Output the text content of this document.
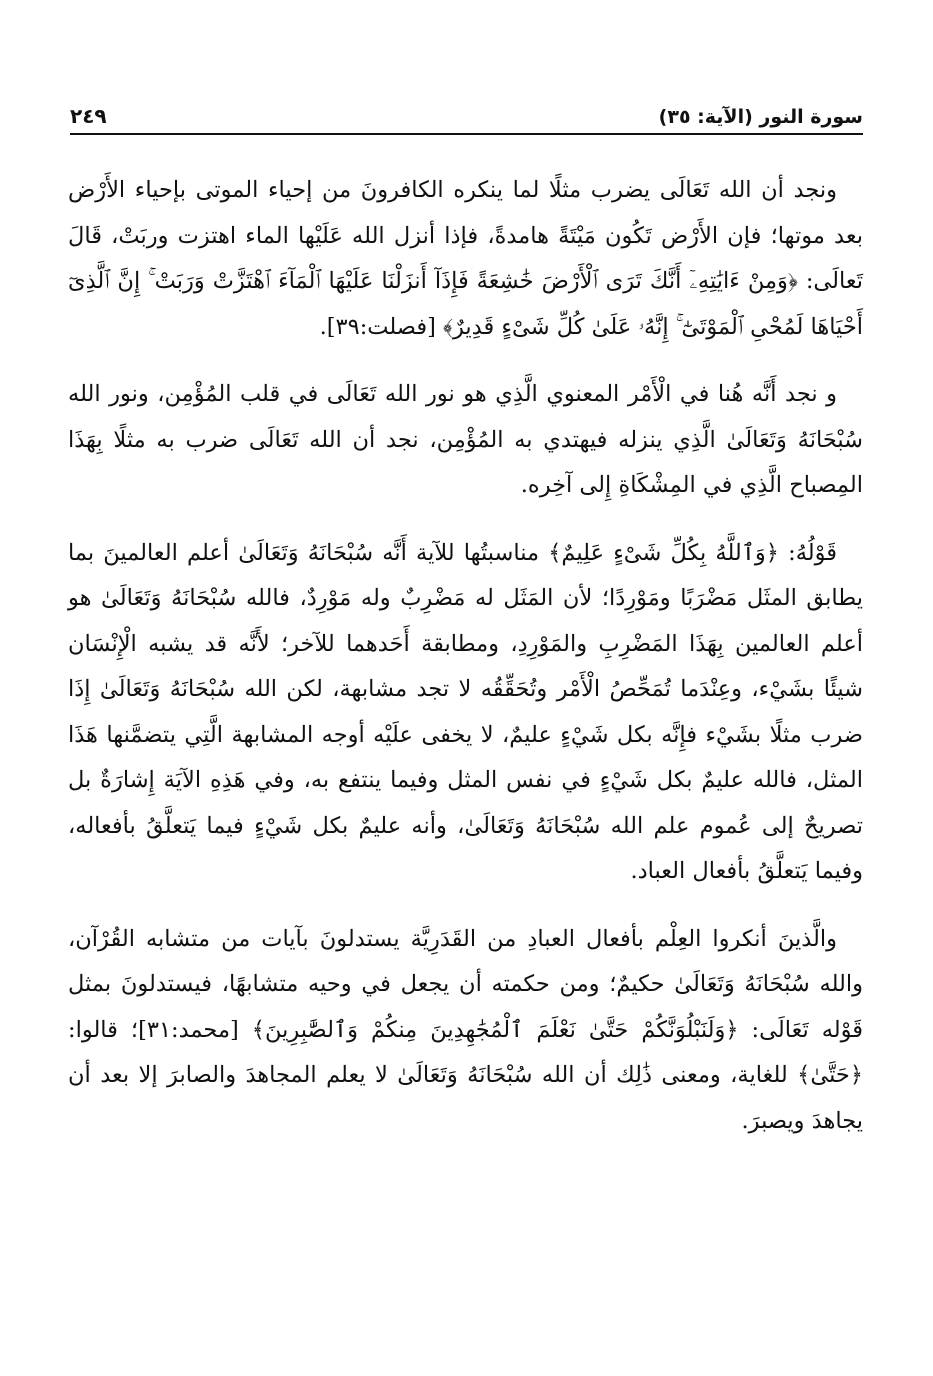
سورة النور (الآية: ٣٥)
٢٤٩

ونجد أن الله تَعَالَى يضرب مثلًا لما ينكره الكافرونَ من إحياء الموتى بإحياء الأَرْض بعد موتها؛ فإن الأَرْض تَكُون مَيْتَةً هامدةً، فإذا أنزل الله عَلَيْها الماء اهتزت وربَتْ، قَالَ تَعالَى: ﴿وَمِنْ ءَايَٰتِهِۦٓ أَنَّكَ تَرَى ٱلْأَرْضَ خَٰشِعَةً فَإِذَآ أَنزَلْنَا عَلَيْهَا ٱلْمَآءَ ٱهْتَزَّتْ وَرَبَتْ ۚ إِنَّ ٱلَّذِىٓ أَحْيَاهَا لَمُحْىِ ٱلْمَوْتَىٰٓ ۚ إِنَّهُۥ عَلَىٰ كُلِّ شَىْءٍ قَدِيرٌ﴾ [فصلت:٣٩].

و نجد أَنَّه هُنا في الْأَمْر المعنوي الَّذِي هو نور الله تَعَالَى في قلب المُؤْمِن، ونور الله سُبْحَانَهُ وَتَعَالَىٰ الَّذِي ينزله فيهتدي به المُؤْمِن، نجد أن الله تَعَالَى ضرب به مثلًا بِهَذَا المِصباح الَّذِي في المِشْكَاةِ إِلى آخِره.

قَوْلُهُ: ﴿وَٱللَّهُ بِكُلِّ شَىْءٍ عَلِيمٌ﴾ مناسبتُها للآية أَنَّه سُبْحَانَهُ وَتَعَالَىٰ أعلم العالمينَ بما يطابق المثَل مَضْرَبًا ومَوْرِدًا؛ لأن المَثَل له مَضْرِبٌ وله مَوْرِدٌ، فالله سُبْحَانَهُ وَتَعَالَىٰ هو أعلم العالمين بِهَذَا المَضْرِبِ والمَوْرِدِ، ومطابقة أَحَدهما للآخر؛ لأَنَّه قد يشبه الْإِنْسَان شيئًا بشَيْء، وعِنْدَما تُمَحِّصُ الْأَمْر وتُحَقِّقُه لا تجد مشابهة، لكن الله سُبْحَانَهُ وَتَعَالَىٰ إِذَا ضرب مثلًا بشَيْء فإِنَّه بكل شَيْءٍ عليمٌ، لا يخفى علَيْه أوجه المشابهة الَّتِي يتضمَّنها هَذَا المثل، فالله عليمٌ بكل شَيْءٍ في نفس المثل وفيما ينتفع به، وفي هَذِهِ الآيَة إِشارَةٌ بل تصريحٌ إلى عُموم علم الله سُبْحَانَهُ وَتَعَالَىٰ، وأنه عليمٌ بكل شَيْءٍ فيما يَتعلَّقُ بأفعاله، وفيما يَتعلَّقُ بأفعال العباد.

والَّذينَ أنكروا العِلْم بأفعال العبادِ من القَدَرِيَّة يستدلونَ بآيات من متشابه القُرْآن، والله سُبْحَانَهُ وَتَعَالَىٰ حكيمٌ؛ ومن حكمته أن يجعل في وحيه متشابهًا، فيستدلونَ بمثل قَوْله تَعَالَى: ﴿وَلَنَبْلُوَنَّكُمْ حَتَّىٰ نَعْلَمَ ٱلْمُجَٰهِدِينَ مِنكُمْ وَٱلصَّٰبِرِينَ﴾ [محمد:٣١]؛ قالوا: ﴿حَتَّىٰ﴾ للغاية، ومعنى ذَٰلِك أن الله سُبْحَانَهُ وَتَعَالَىٰ لا يعلم المجاهدَ والصابرَ إلا بعد أن يجاهدَ ويصبرَ.
